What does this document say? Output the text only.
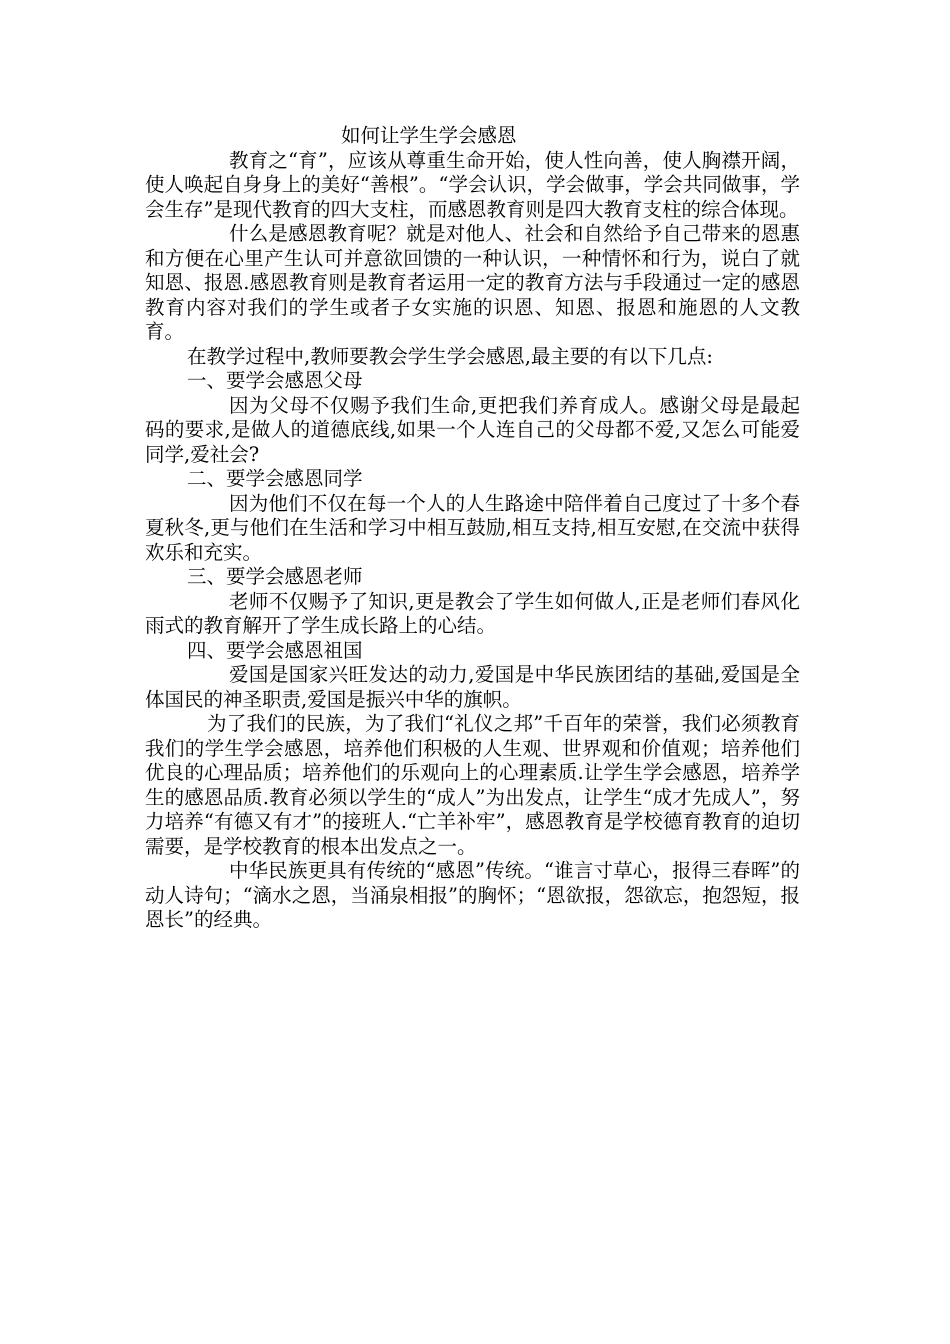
如何让学生学会感恩

教育之“育”，应该从尊重生命开始，使人性向善，使人胸襟开阔，使人唤起自身身上的美好“善根”。“学会认识，学会做事，学会共同做事，学会生存”是现代教育的四大支柱，而感恩教育则是四大教育支柱的综合体现。

什么是感恩教育呢？就是对他人、社会和自然给予自己带来的恩惠和方便在心里产生认可并意欲回馈的一种认识，一种情怀和行为，说白了就知恩、报恩.感恩教育则是教育者运用一定的教育方法与手段通过一定的感恩教育内容对我们的学生或者子女实施的识恩、知恩、报恩和施恩的人文教育。

在教学过程中,教师要教会学生学会感恩,最主要的有以下几点:

一、要学会感恩父母

因为父母不仅赐予我们生命,更把我们养育成人。感谢父母是最起码的要求,是做人的道德底线,如果一个人连自己的父母都不爱,又怎么可能爱同学,爱社会?

二、要学会感恩同学

因为他们不仅在每一个人的人生路途中陪伴着自己度过了十多个春夏秋冬,更与他们在生活和学习中相互鼓励,相互支持,相互安慰,在交流中获得欢乐和充实。

三、要学会感恩老师

老师不仅赐予了知识,更是教会了学生如何做人,正是老师们春风化雨式的教育解开了学生成长路上的心结。

四、要学会感恩祖国

爱国是国家兴旺发达的动力,爱国是中华民族团结的基础,爱国是全体国民的神圣职责,爱国是振兴中华的旗帜。

为了我们的民族，为了我们“礼仪之邦”千百年的荣誉，我们必须教育我们的学生学会感恩，培养他们积极的人生观、世界观和价值观；培养他们优良的心理品质；培养他们的乐观向上的心理素质.让学生学会感恩，培养学生的感恩品质.教育必须以学生的“成人”为出发点，让学生“成才先成人”，努力培养“有德又有才”的接班人.“亡羊补牢”，感恩教育是学校德育教育的迫切需要，是学校教育的根本出发点之一。

中华民族更具有传统的“感恩”传统。“谁言寸草心，报得三春晖”的动人诗句；“滴水之恩，当涌泉相报”的胸怀；“恩欲报，怨欲忘，抱怨短，报恩长”的经典。
